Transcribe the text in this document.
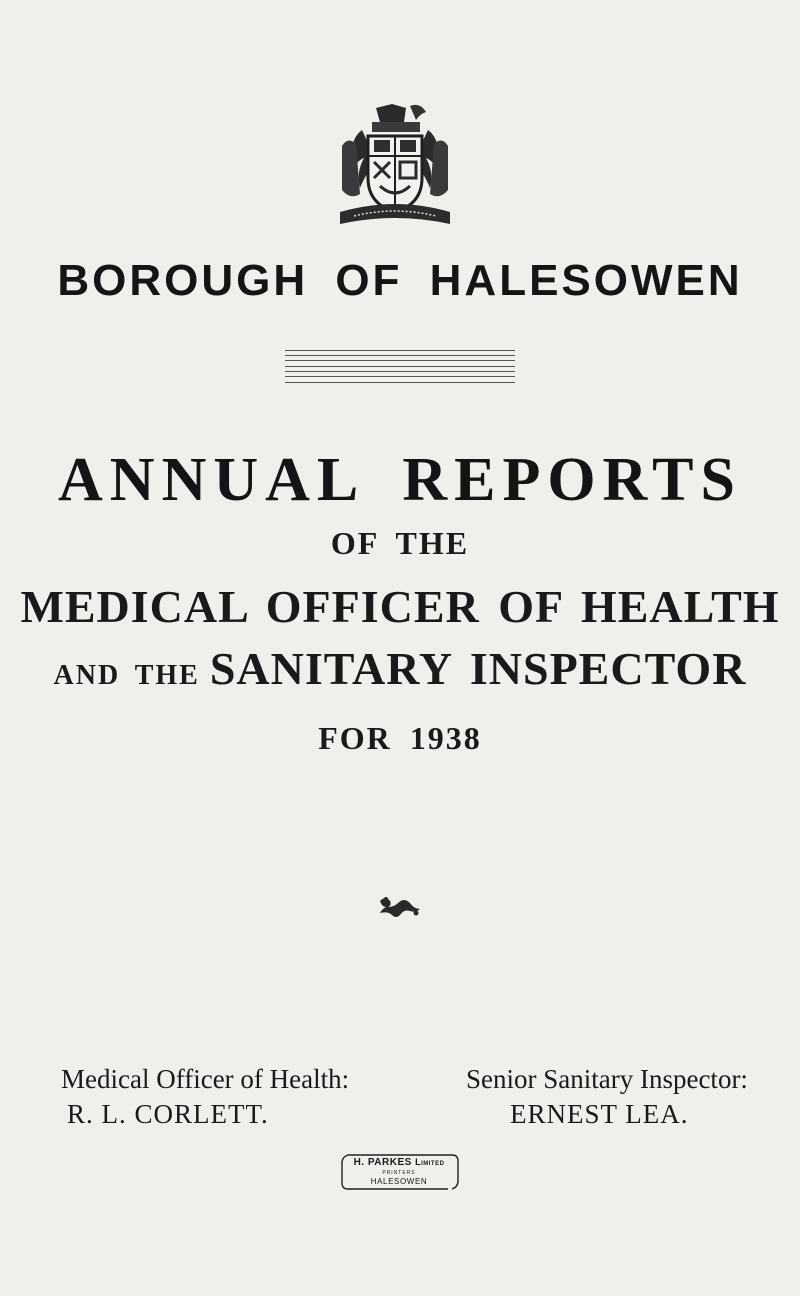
BOROUGH OF HALESOWEN
ANNUAL REPORTS
OF THE
MEDICAL OFFICER OF HEALTH
AND THE SANITARY INSPECTOR
FOR 1938
Medical Officer of Health:
R. L. CORLETT.
Senior Sanitary Inspector:
ERNEST LEA.
H. PARKES Limited
PRINTERS
HALESOWEN
